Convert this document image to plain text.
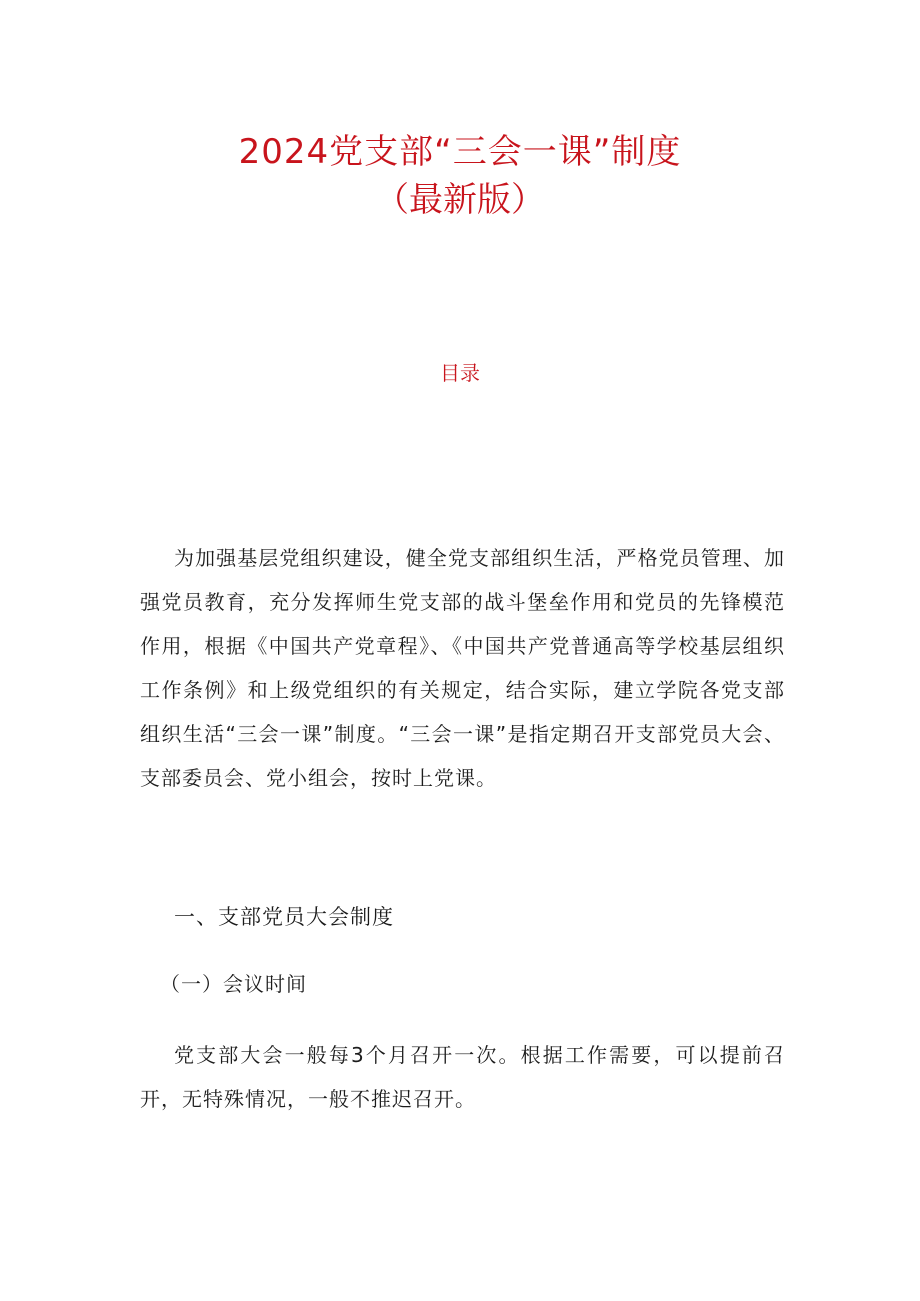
2024党支部“三会一课”制度
（最新版）
目录

为加强基层党组织建设，健全党支部组织生活，严格党员管理、加强党员教育，充分发挥师生党支部的战斗堡垒作用和党员的先锋模范作用，根据《中国共产党章程》、《中国共产党普通高等学校基层组织工作条例》和上级党组织的有关规定，结合实际，建立学院各党支部组织生活“三会一课”制度。“三会一课”是指定期召开支部党员大会、支部委员会、党小组会，按时上党课。

一、支部党员大会制度
（一）会议时间

党支部大会一般每3个月召开一次。根据工作需要，可以提前召开，无特殊情况，一般不推迟召开。
